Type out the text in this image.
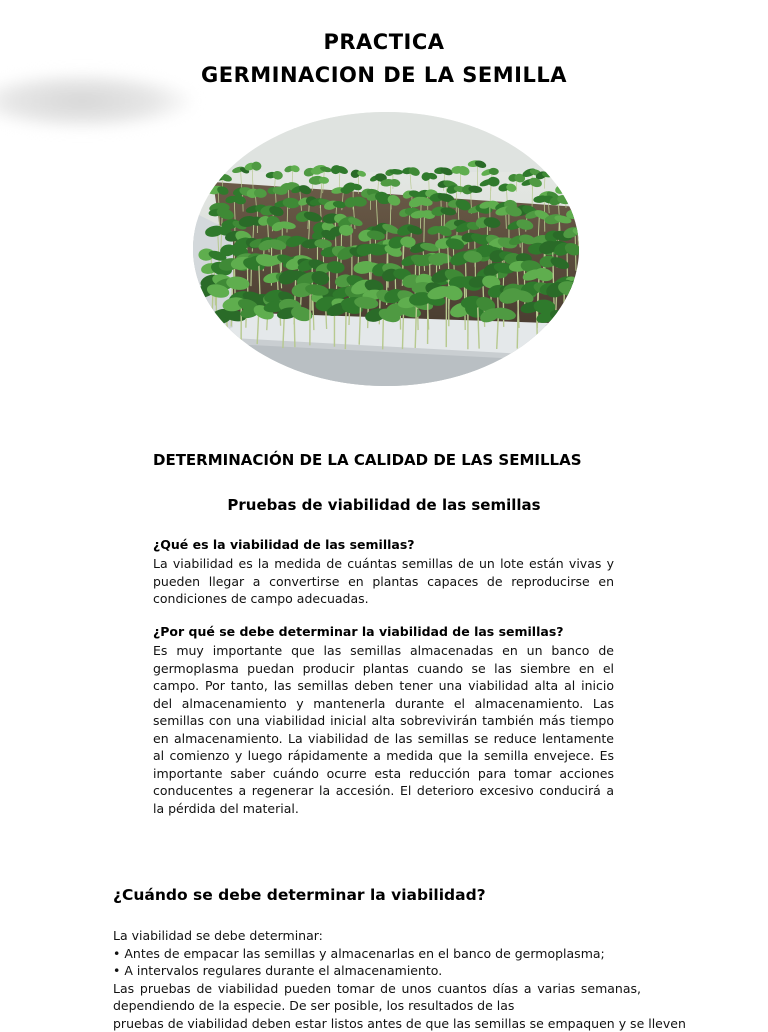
PRACTICA
GERMINACION DE LA SEMILLA
DETERMINACIÓN DE LA CALIDAD DE LAS SEMILLAS
Pruebas de viabilidad de las semillas
¿Qué es la viabilidad de las semillas?
La viabilidad es la medida de cuántas semillas de un lote están vivas y pueden llegar a convertirse en plantas capaces de reproducirse en condiciones de campo adecuadas.
¿Por qué se debe determinar la viabilidad de las semillas?
Es muy importante que las semillas almacenadas en un banco de germoplasma puedan producir plantas cuando se las siembre en el campo. Por tanto, las semillas deben tener una viabilidad alta al inicio del almacenamiento y mantenerla durante el almacenamiento. Las semillas con una viabilidad inicial alta sobrevivirán también más tiempo en almacenamiento. La viabilidad de las semillas se reduce lentamente al comienzo y luego rápidamente a medida que la semilla envejece. Es importante saber cuándo ocurre esta reducción para tomar acciones conducentes a regenerar la accesión. El deterioro excesivo conducirá a la pérdida del material.
¿Cuándo se debe determinar la viabilidad?
La viabilidad se debe determinar:
• Antes de empacar las semillas y almacenarlas en el banco de germoplasma;
• A intervalos regulares durante el almacenamiento.
Las pruebas de viabilidad pueden tomar de unos cuantos días a varias semanas,
dependiendo de la especie. De ser posible, los resultados de las
pruebas de viabilidad deben estar listos antes de que las semillas se empaquen y se lleven
